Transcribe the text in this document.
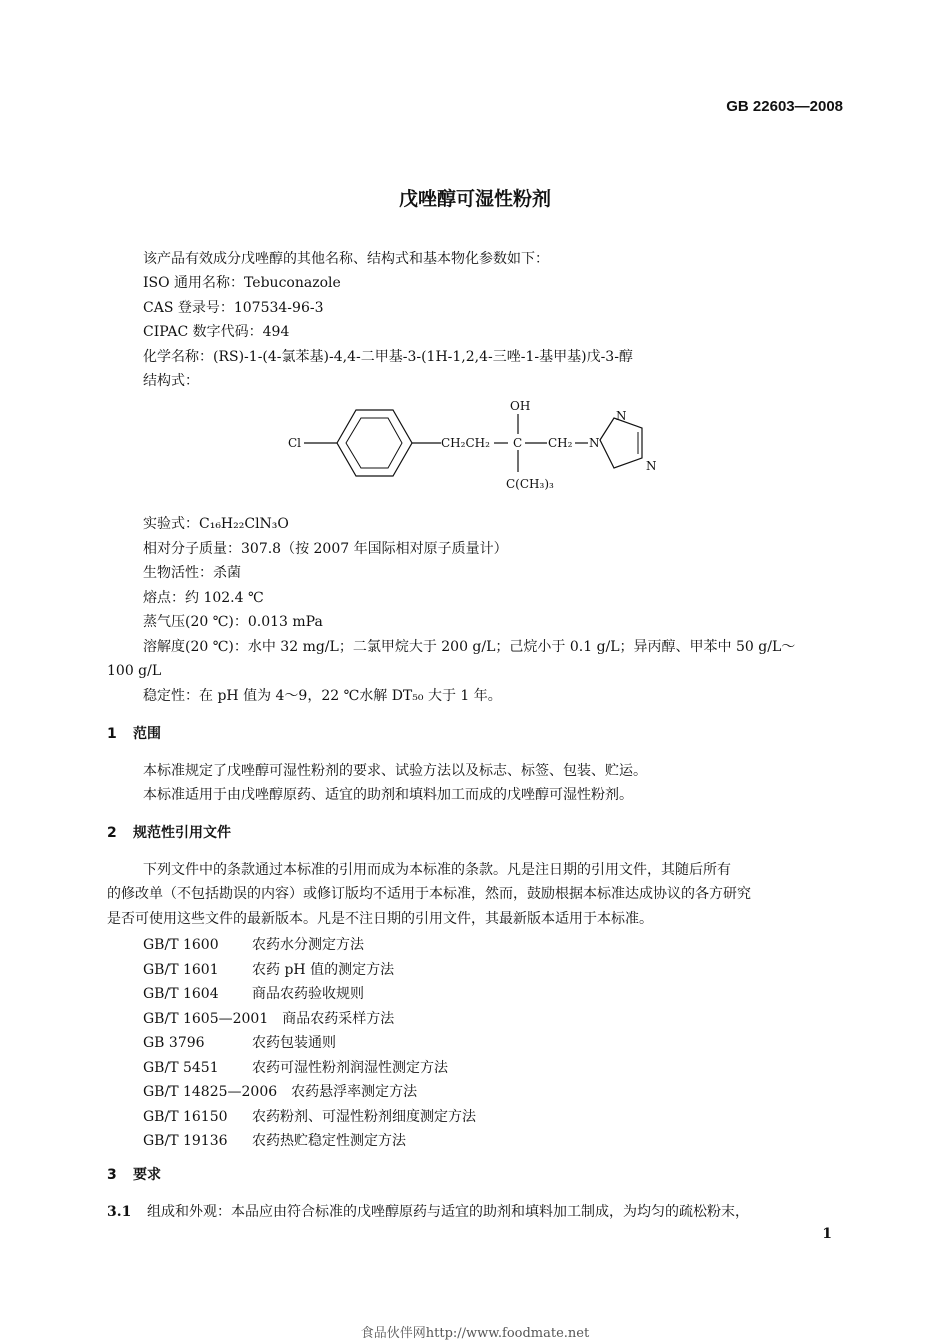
GB 22603—2008
戊唑醇可湿性粉剂
该产品有效成分戊唑醇的其他名称、结构式和基本物化参数如下：
ISO 通用名称：Tebuconazole
CAS 登录号：107534-96-3
CIPAC 数字代码：494
化学名称：(RS)-1-(4-氯苯基)-4,4-二甲基-3-(1H-1,2,4-三唑-1-基甲基)戊-3-醇
结构式：
Cl	CH₂CH₂ C
OH
CH₂ N
C(CH₃)₃
N
N
实验式：C₁₆H₂₂ClN₃O
相对分子质量：307.8（按 2007 年国际相对原子质量计）
生物活性：杀菌
熔点：约 102.4 ℃
蒸气压(20 ℃)：0.013 mPa
溶解度(20 ℃)：水中 32 mg/L；二氯甲烷大于 200 g/L；己烷小于 0.1 g/L；异丙醇、甲苯中 50 g/L～
100 g/L
稳定性：在 pH 值为 4～9，22 ℃水解 DT₅₀ 大于 1 年。
1 范围
本标准规定了戊唑醇可湿性粉剂的要求、试验方法以及标志、标签、包装、贮运。
本标准适用于由戊唑醇原药、适宜的助剂和填料加工而成的戊唑醇可湿性粉剂。
2 规范性引用文件
下列文件中的条款通过本标准的引用而成为本标准的条款。凡是注日期的引用文件，其随后所有
的修改单（不包括勘误的内容）或修订版均不适用于本标准，然而，鼓励根据本标准达成协议的各方研究
是否可使用这些文件的最新版本。凡是不注日期的引用文件，其最新版本适用于本标准。
GB/T 1600 农药水分测定方法
GB/T 1601 农药 pH 值的测定方法
GB/T 1604 商品农药验收规则
GB/T 1605—2001 商品农药采样方法
GB 3796	农药包装通则
GB/T 5451 农药可湿性粉剂润湿性测定方法
GB/T 14825—2006 农药悬浮率测定方法
GB/T 16150 农药粉剂、可湿性粉剂细度测定方法
GB/T 19136 农药热贮稳定性测定方法
3 要求
3.1 组成和外观：本品应由符合标准的戊唑醇原药与适宜的助剂和填料加工制成，为均匀的疏松粉末，
1
食品伙伴网http://www.foodmate.net
